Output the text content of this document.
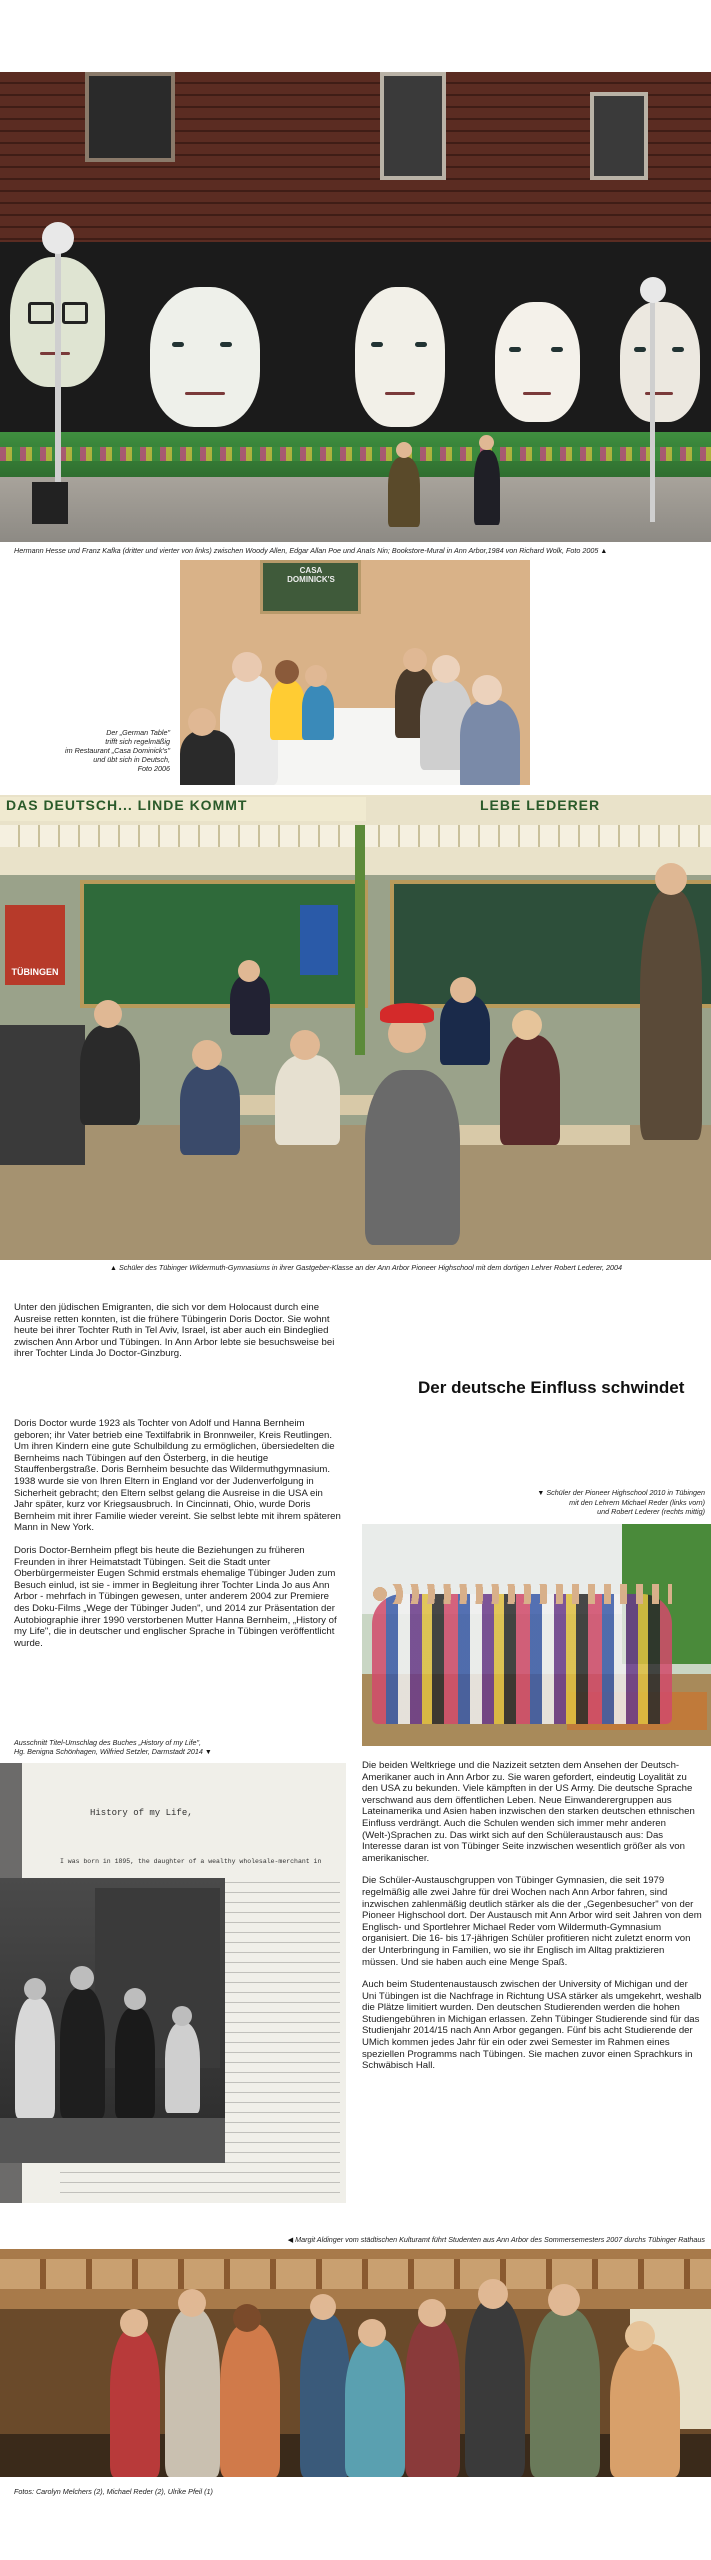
Hermann Hesse und Franz Kafka (dritter und vierter von links) zwischen Woody Allen, Edgar Allan Poe und Anaïs Nin; Bookstore-Mural in Ann Arbor,1984 von Richard Wolk, Foto 2005 ▲
CASA
DOMINICK'S
Der „German Table"
trifft sich regelmäßig
im Restaurant „Casa Dominick's"
und übt sich in Deutsch,
Foto 2006
DAS DEUTSCH... LINDE KOMMT	LEBE LEDERER
TÜBINGEN
▲ Schüler des Tübinger Wildermuth-Gymnasiums in ihrer Gastgeber-Klasse an der Ann Arbor Pioneer Highschool mit dem dortigen Lehrer Robert Lederer, 2004

Unter den jüdischen Emigranten, die sich vor dem Holocaust durch eine Ausreise retten konnten, ist die frühere Tübingerin Doris Doctor. Sie wohnt heute bei ihrer Tochter Ruth in Tel Aviv, Israel, ist aber auch ein Bindeglied zwischen Ann Arbor und Tübingen. In Ann Arbor lebte sie besuchsweise bei ihrer Tochter Linda Jo Doctor-Ginzburg.

Der deutsche Einfluss schwindet

Doris Doctor wurde 1923 als Tochter von Adolf und Hanna Bernheim geboren; ihr Vater betrieb eine Textilfabrik in Bronnweiler, Kreis Reutlingen. Um ihren Kindern eine gute Schulbildung zu ermöglichen, übersiedelten die Bernheims nach Tübingen auf den Österberg, in die heutige Stauffenbergstraße. Doris Bernheim besuchte das Wildermuthgymnasium. 1938 wurde sie von Ihren Eltern in England vor der Judenverfolgung in Sicherheit gebracht; den Eltern selbst gelang die Ausreise in die USA ein Jahr später, kurz vor Kriegsausbruch. In Cincinnati, Ohio, wurde Doris Bernheim mit ihrer Familie wieder vereint. Sie selbst lebte mit ihrem späteren Mann in New York.

Doris Doctor-Bernheim pflegt bis heute die Beziehungen zu früheren Freunden in ihrer Heimatstadt Tübingen. Seit die Stadt unter Oberbürgermeister Eugen Schmid erstmals ehemalige Tübinger Juden zum Besuch einlud, ist sie - immer in Begleitung ihrer Tochter Linda Jo aus Ann Arbor - mehrfach in Tübingen gewesen, unter anderem 2004 zur Premiere des Doku-Films „Wege der Tübinger Juden", und 2014 zur Präsentation der Autobiographie ihrer 1990 verstorbenen Mutter Hanna Bernheim, „History of my Life", die in deutscher und englischer Sprache in Tübingen veröffentlicht wurde.

▼ Schüler der Pioneer Highschool 2010 in Tübingen
mit den Lehrern Michael Reder (links vorn)
und Robert Lederer (rechts mittig)
Ausschnitt Titel-Umschlag des Buches „History of my Life",
Hg. Benigna Schönhagen, Wilfried Setzler, Darmstadt 2014 ▼
History of my Life,
I was born in 1895, the daughter of a wealthy wholesale-merchant in

Die beiden Weltkriege und die Nazizeit setzten dem Ansehen der Deutsch-Amerikaner auch in Ann Arbor zu. Sie waren gefordert, eindeutig Loyalität zu den USA zu bekunden. Viele kämpften in der US Army. Die deutsche Sprache verschwand aus dem öffentlichen Leben. Neue Einwanderergruppen aus Lateinamerika und Asien haben inzwischen den starken deutschen ethnischen Einfluss verdrängt. Auch die Schulen wenden sich immer mehr anderen (Welt-)Sprachen zu. Das wirkt sich auf den Schüleraustausch aus: Das Interesse daran ist von Tübinger Seite inzwischen wesentlich größer als von amerikanischer.

Die Schüler-Austauschgruppen von Tübinger Gymnasien, die seit 1979 regelmäßig alle zwei Jahre für drei Wochen nach Ann Arbor fahren, sind inzwischen zahlenmäßig deutlich stärker als die der „Gegenbesucher" von der Pioneer Highschool dort. Der Austausch mit Ann Arbor wird seit Jahren von dem Englisch- und Sportlehrer Michael Reder vom Wildermuth-Gymnasium organisiert. Die 16- bis 17-jährigen Schüler profitieren nicht zuletzt enorm von der Unterbringung in Familien, wo sie ihr Englisch im Alltag praktizieren müssen. Und sie haben auch eine Menge Spaß.

Auch beim Studentenaustausch zwischen der University of Michigan und der Uni Tübingen ist die Nachfrage in Richtung USA stärker als umgekehrt, weshalb die Plätze limitiert wurden. Den deutschen Studierenden werden die hohen Studiengebühren in Michigan erlassen. Zehn Tübinger Studierende sind für das Studienjahr 2014/15 nach Ann Arbor gegangen. Fünf bis acht Studierende der UMich kommen jedes Jahr für ein oder zwei Semester im Rahmen eines speziellen Programms nach Tübingen. Sie machen zuvor einen Sprachkurs in Schwäbisch Hall.

◀ Margit Aldinger vom städtischen Kulturamt führt Studenten aus Ann Arbor des Sommersemesters 2007 durchs Tübinger Rathaus
Fotos: Carolyn Melchers (2), Michael Reder (2), Ulrike Pfeil (1)
